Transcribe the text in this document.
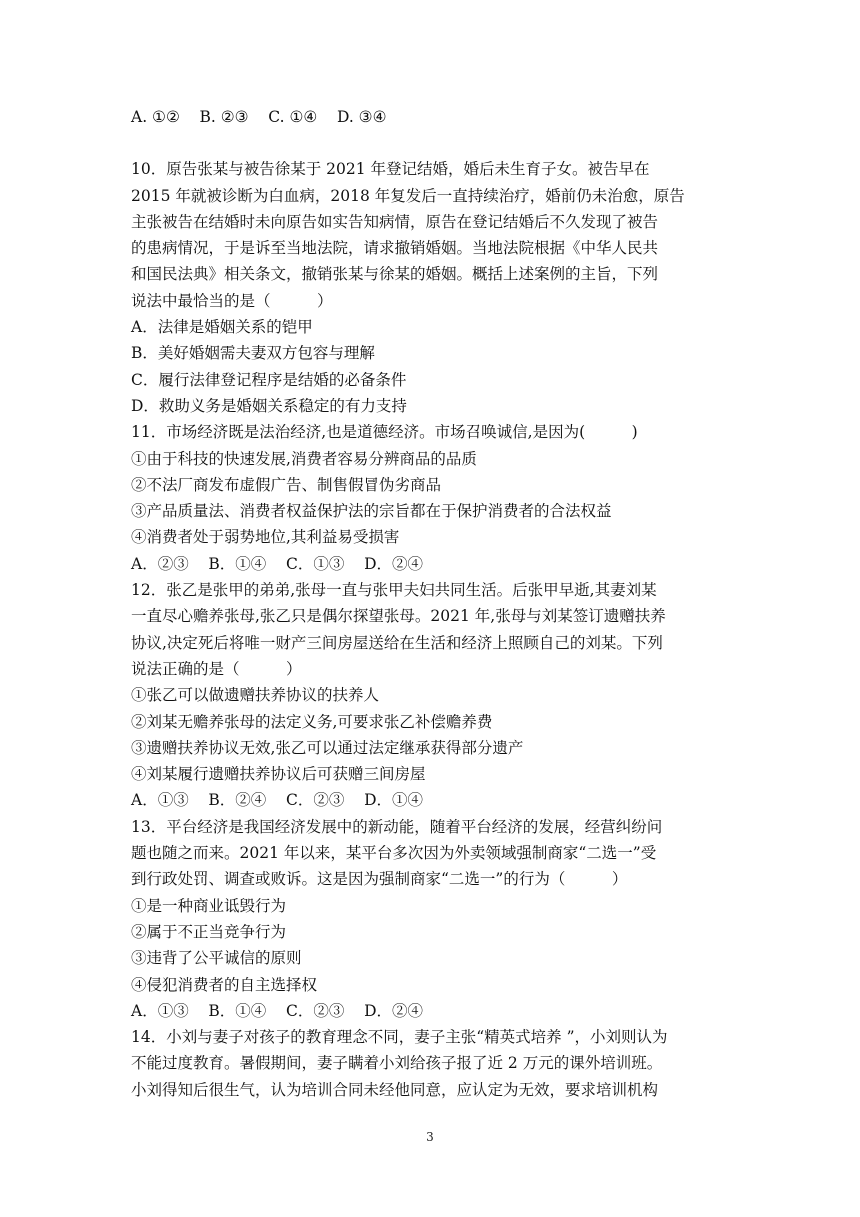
A. ①②    B. ②③    C. ①④    D. ③④

10．原告张某与被告徐某于 2021 年登记结婚，婚后未生育子女。被告早在

2015 年就被诊断为白血病，2018 年复发后一直持续治疗，婚前仍未治愈，原告

主张被告在结婚时未向原告如实告知病情，原告在登记结婚后不久发现了被告

的患病情况，于是诉至当地法院，请求撤销婚姻。当地法院根据《中华人民共

和国民法典》相关条文，撤销张某与徐某的婚姻。概括上述案例的主旨，下列

说法中最恰当的是（　　　）

A．法律是婚姻关系的铠甲

B．美好婚姻需夫妻双方包容与理解

C．履行法律登记程序是结婚的必备条件

D．救助义务是婚姻关系稳定的有力支持

11．市场经济既是法治经济,也是道德经济。市场召唤诚信,是因为(　　　)

①由于科技的快速发展,消费者容易分辨商品的品质

②不法厂商发布虚假广告、制售假冒伪劣商品

③产品质量法、消费者权益保护法的宗旨都在于保护消费者的合法权益

④消费者处于弱势地位,其利益易受损害

A．②③    B．①④    C．①③    D．②④

12．张乙是张甲的弟弟,张母一直与张甲夫妇共同生活。后张甲早逝,其妻刘某

一直尽心赡养张母,张乙只是偶尔探望张母。2021 年,张母与刘某签订遗赠扶养

协议,决定死后将唯一财产三间房屋送给在生活和经济上照顾自己的刘某。下列

说法正确的是（　　　）

①张乙可以做遗赠扶养协议的扶养人

②刘某无赡养张母的法定义务,可要求张乙补偿赡养费

③遗赠扶养协议无效,张乙可以通过法定继承获得部分遗产

④刘某履行遗赠扶养协议后可获赠三间房屋

A．①③    B．②④    C．②③    D．①④

13．平台经济是我国经济发展中的新动能，随着平台经济的发展，经营纠纷问

题也随之而来。2021 年以来，某平台多次因为外卖领域强制商家“二选一”受

到行政处罚、调查或败诉。这是因为强制商家“二选一”的行为（　　　）

①是一种商业诋毁行为

②属于不正当竞争行为

③违背了公平诚信的原则

④侵犯消费者的自主选择权

A．①③    B．①④    C．②③    D．②④

14．小刘与妻子对孩子的教育理念不同，妻子主张“精英式培养 ”，小刘则认为

不能过度教育。暑假期间，妻子瞒着小刘给孩子报了近 2 万元的课外培训班。

小刘得知后很生气，认为培训合同未经他同意，应认定为无效，要求培训机构

3
